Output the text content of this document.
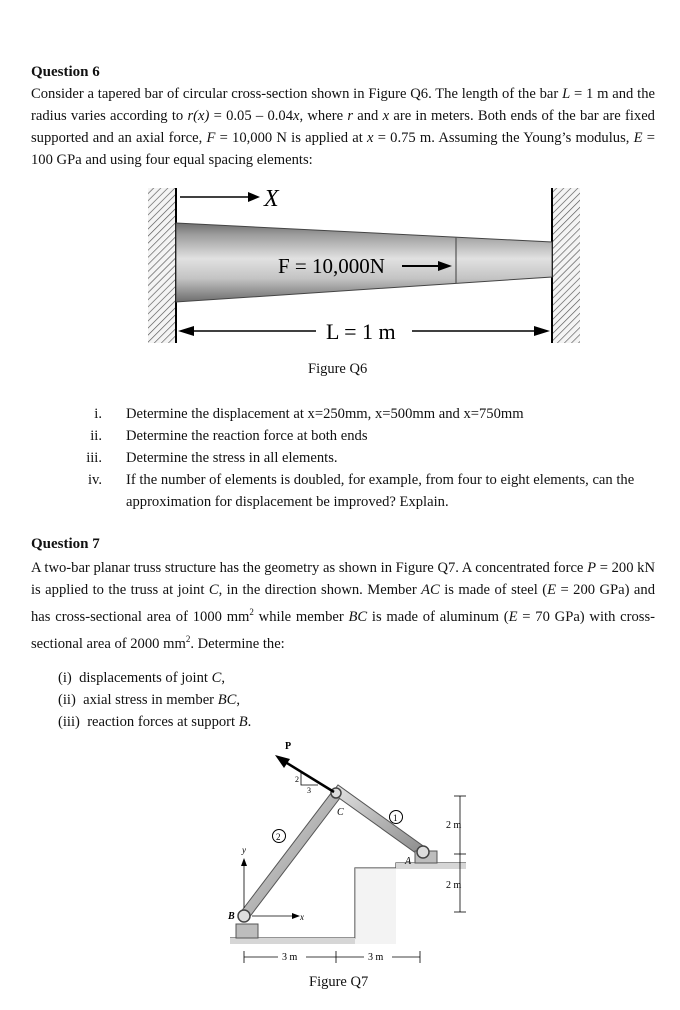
Question 6
Consider a tapered bar of circular cross-section shown in Figure Q6. The length of the bar L = 1 m and the radius varies according to r(x) = 0.05 – 0.04x, where r and x are in meters. Both ends of the bar are fixed supported and an axial force, F = 10,000 N is applied at x = 0.75 m. Assuming the Young’s modulus, E = 100 GPa and using four equal spacing elements:
X
F = 10,000N
L = 1 m
Figure Q6
i.	Determine the displacement at x=250mm, x=500mm and x=750mm
ii.	Determine the reaction force at both ends
iii.	Determine the stress in all elements.
iv.	If the number of elements is doubled, for example, from four to eight elements, can the approximation for displacement be improved? Explain.
Question 7
A two-bar planar truss structure has the geometry as shown in Figure Q7. A concentrated force P = 200 kN is applied to the truss at joint C, in the direction shown. Member AC is made of steel (E = 200 GPa) and has cross-sectional area of 1000 $mm^2$ while member BC is made of aluminum (E = 70 GPa) with cross-sectional area of 2000 $mm^2$. Determine the:
(i) displacements of joint C,
(ii) axial stress in member BC,
(iii) reaction forces at support B.
P
2
3
C
A
B
1
2
y
x
2 m
2 m
3 m	3 m
Figure Q7
